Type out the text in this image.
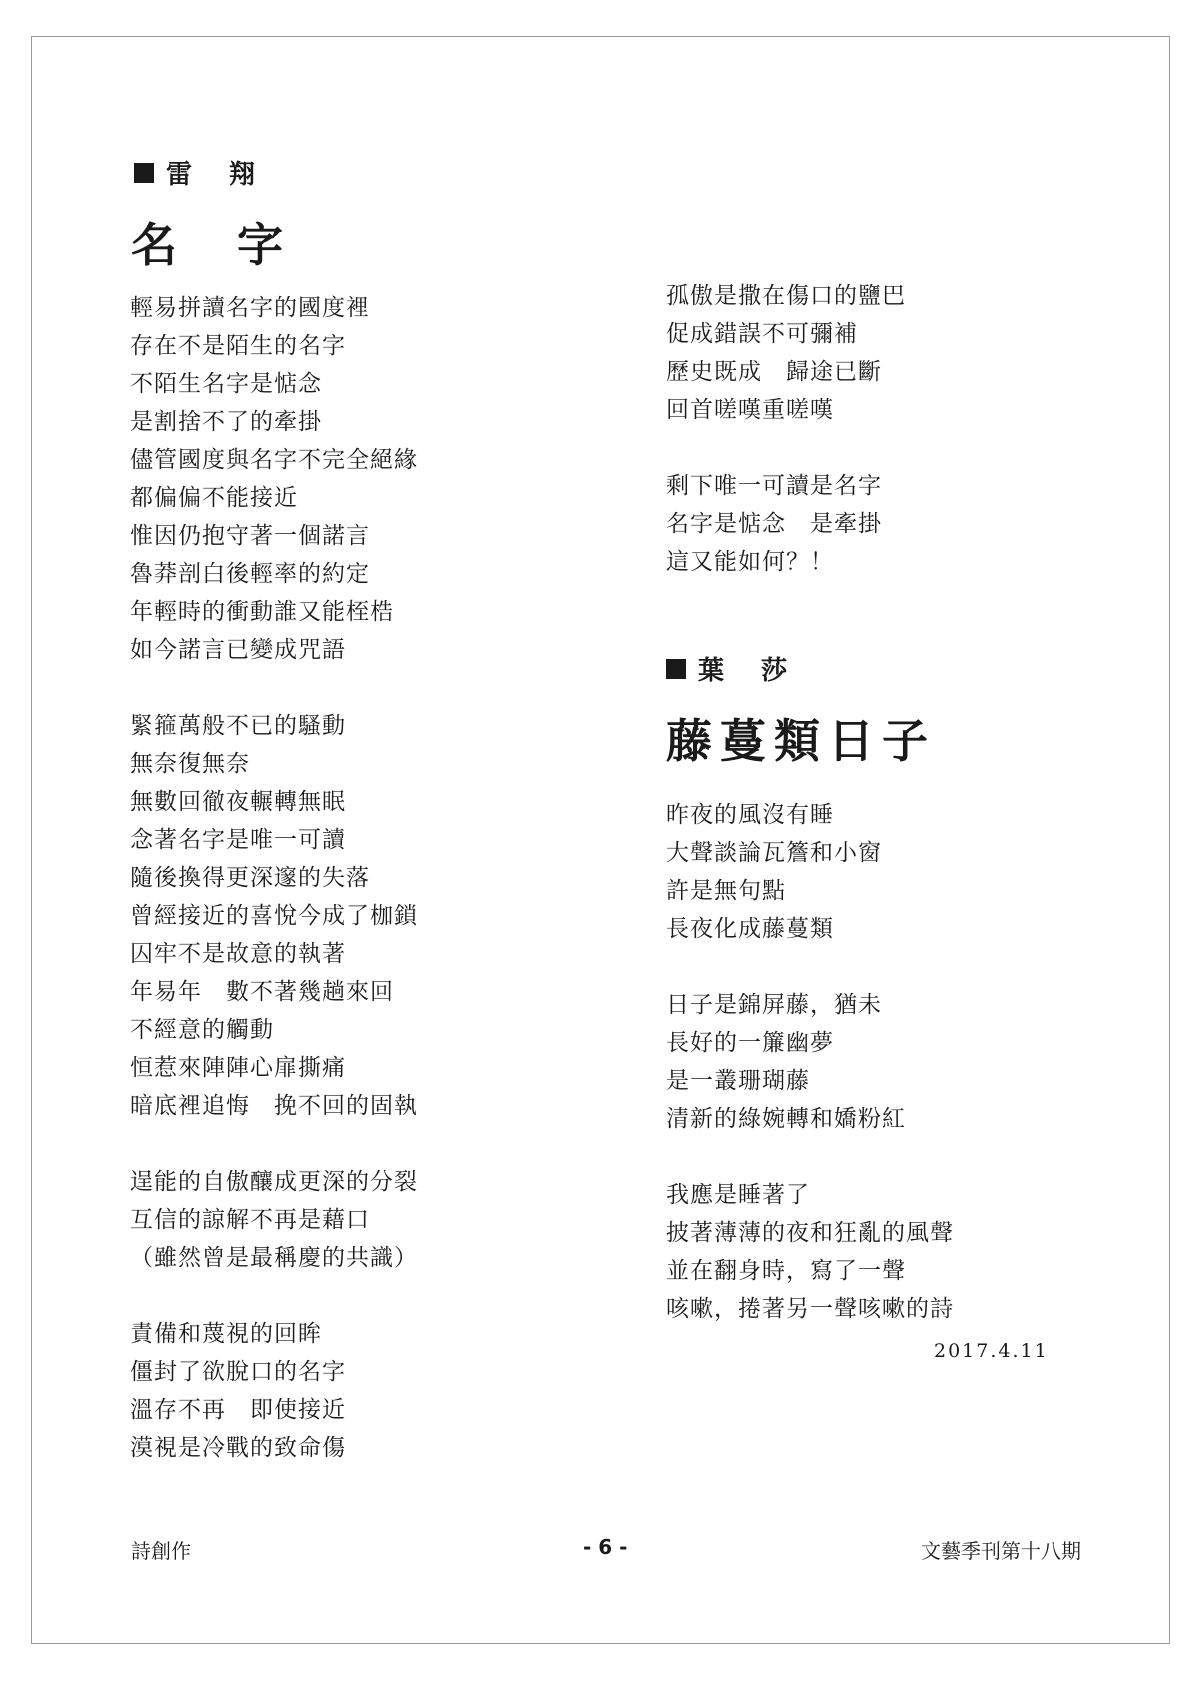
雷 翔
名 字
輕易拼讀名字的國度裡
存在不是陌生的名字
不陌生名字是惦念
是割捨不了的牽掛
儘管國度與名字不完全絕緣
都偏偏不能接近
惟因仍抱守著一個諾言
魯莽剖白後輕率的約定
年輕時的衝動誰又能桎梏
如今諾言已變成咒語
緊箍萬般不已的騷動
無奈復無奈
無數回徹夜輾轉無眠
念著名字是唯一可讀
隨後換得更深邃的失落
曾經接近的喜悅今成了枷鎖
囚牢不是故意的執著
年易年　數不著幾趟來回
不經意的觸動
恒惹來陣陣心扉撕痛
暗底裡追悔　挽不回的固執
逞能的自傲釀成更深的分裂
互信的諒解不再是藉口
（雖然曾是最稱慶的共識）
責備和蔑視的回眸
僵封了欲脫口的名字
溫存不再　即使接近
漠視是冷戰的致命傷
孤傲是撒在傷口的鹽巴
促成錯誤不可彌補
歷史既成　歸途已斷
回首嗟嘆重嗟嘆
剩下唯一可讀是名字
名字是惦念　是牽掛
這又能如何？！
葉 莎
藤蔓類日子
昨夜的風沒有睡
大聲談論瓦簷和小窗
許是無句點
長夜化成藤蔓類
日子是錦屏藤，猶未
長好的一簾幽夢
是一叢珊瑚藤
清新的綠婉轉和嬌粉紅
我應是睡著了
披著薄薄的夜和狂亂的風聲
並在翻身時，寫了一聲
咳嗽，捲著另一聲咳嗽的詩
2017.4.11
詩創作	- 6 -	文藝季刊第十八期
